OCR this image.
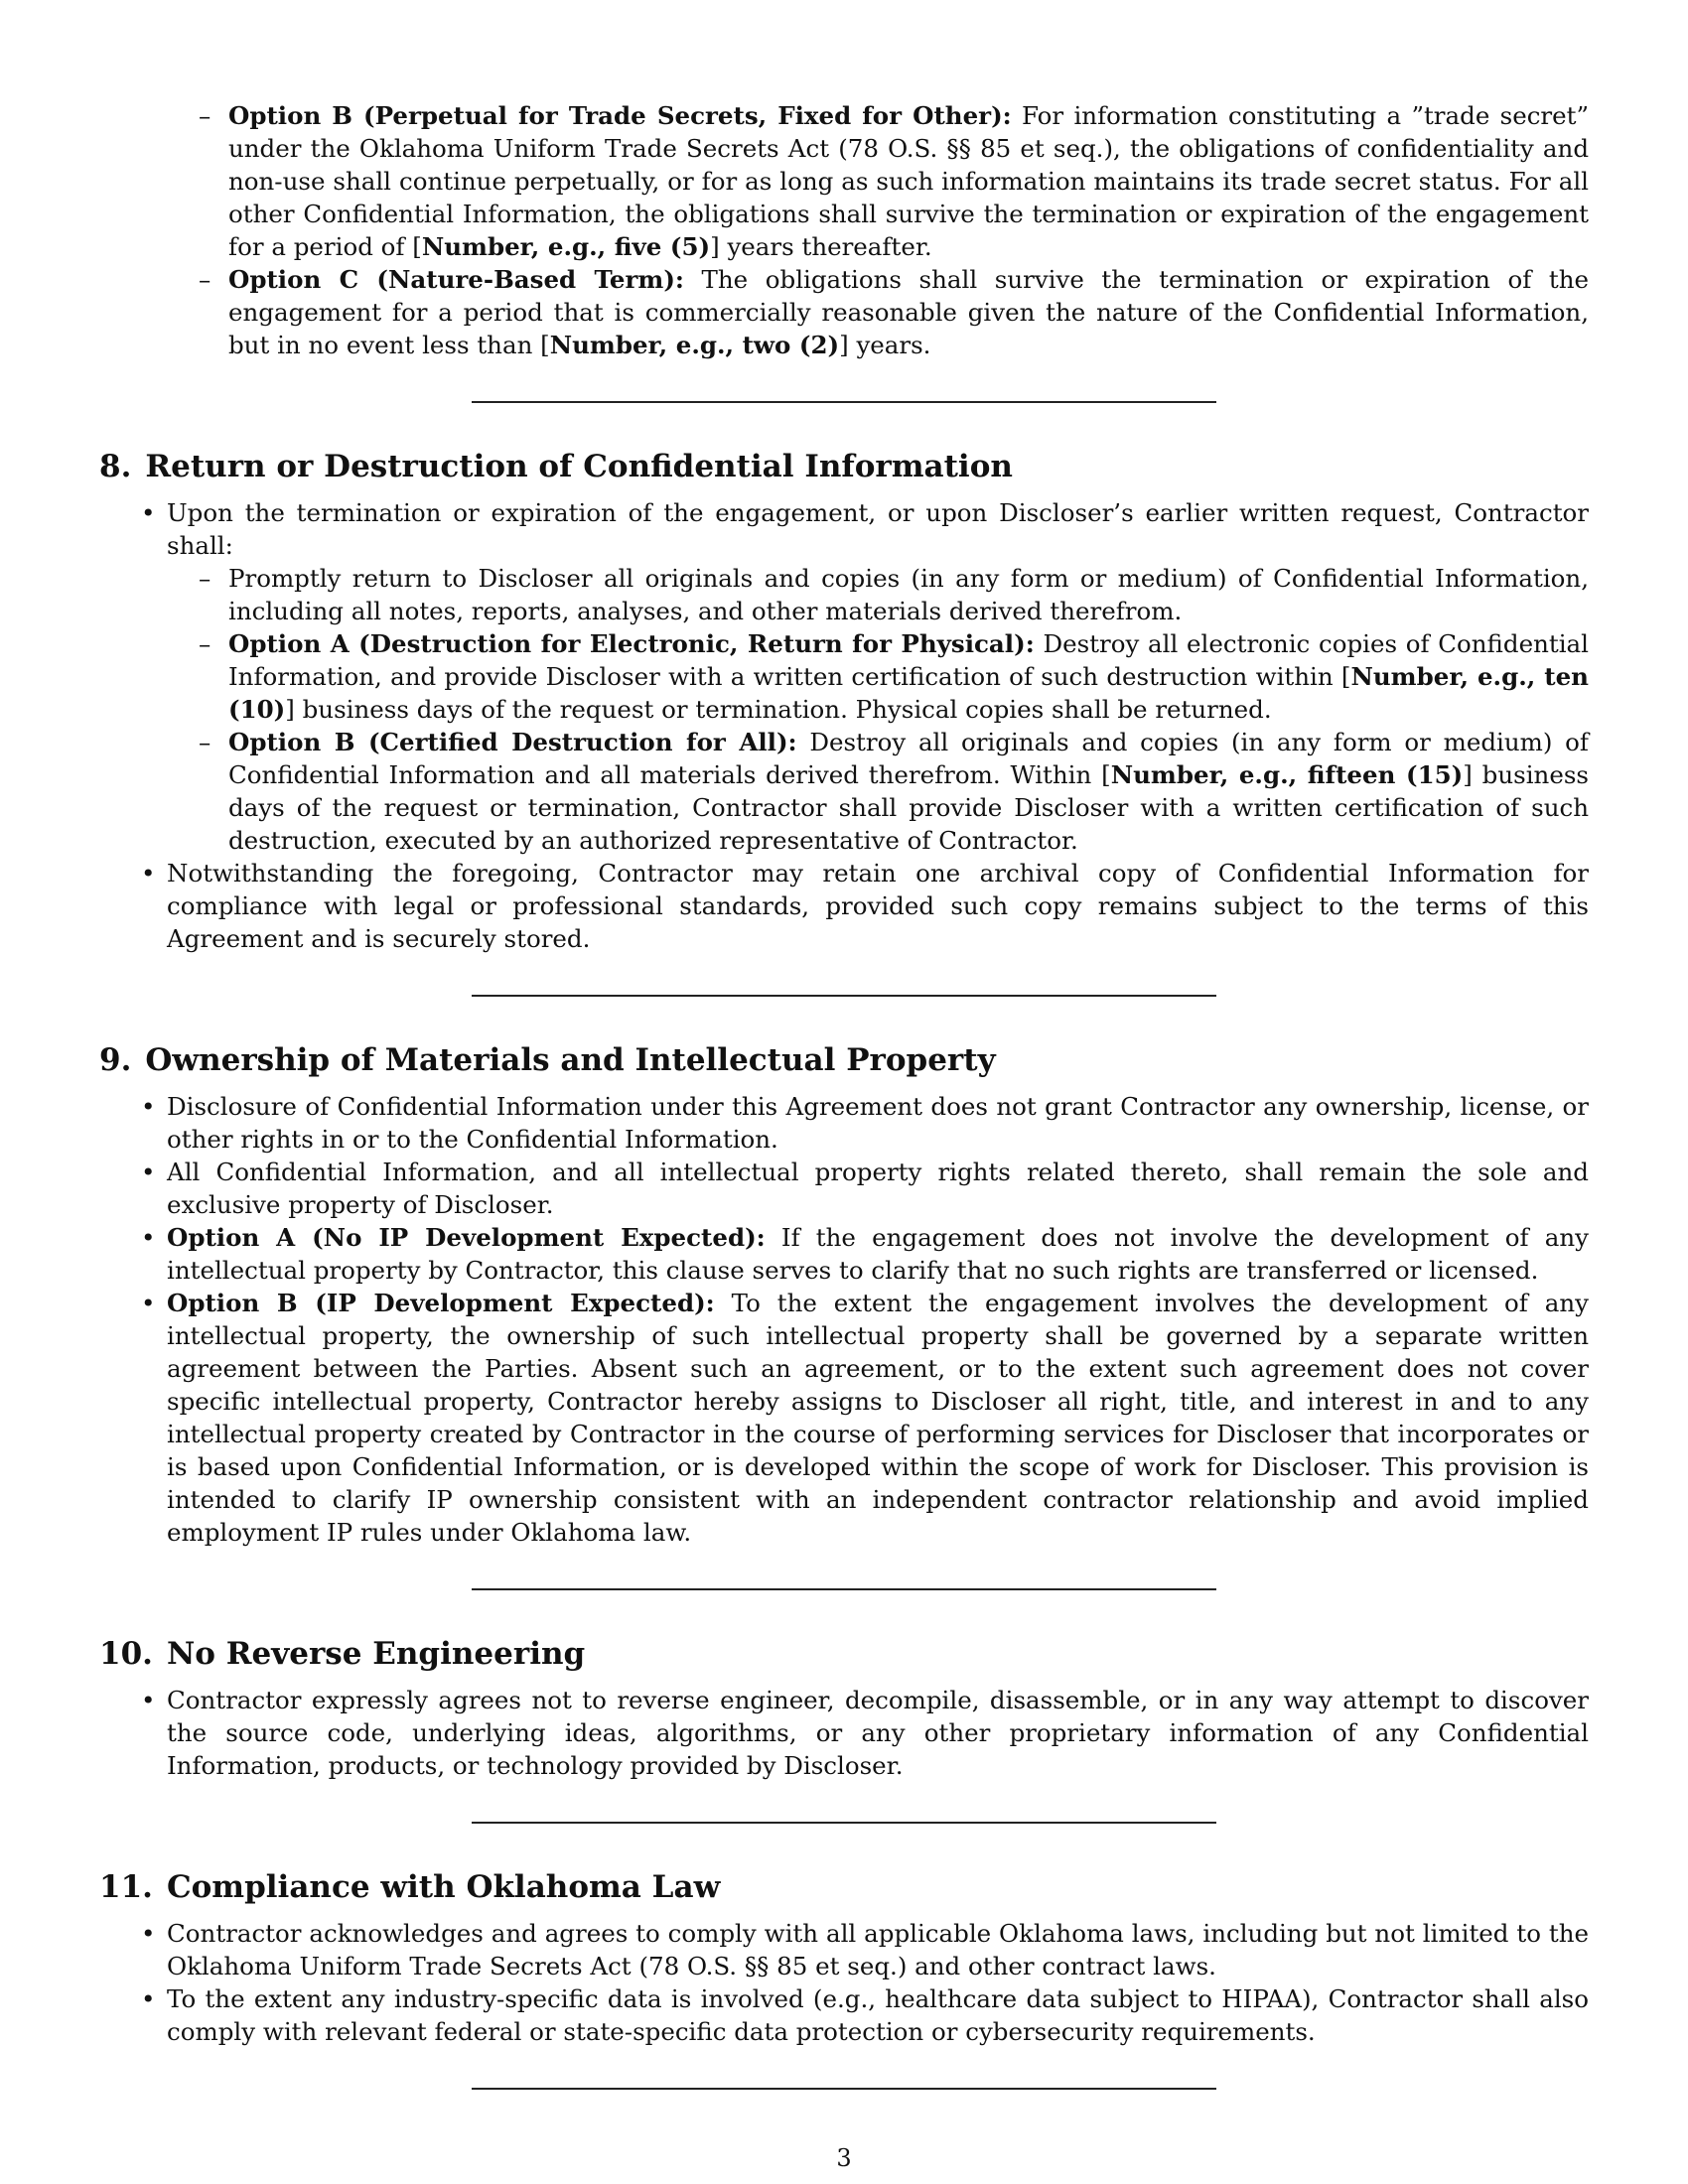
– Option B (Perpetual for Trade Secrets, Fixed for Other): For information constituting a ”trade secret” under the Oklahoma Uniform Trade Secrets Act (78 O.S. §§ 85 et seq.), the obligations of confidentiality and non-use shall continue perpetually, or for as long as such information maintains its trade secret status. For all other Confidential Information, the obligations shall survive the termination or expiration of the engagement for a period of [Number, e.g., five (5)] years thereafter.
– Option C (Nature-Based Term): The obligations shall survive the termination or expiration of the engagement for a period that is commercially reasonable given the nature of the Confidential Information, but in no event less than [Number, e.g., two (2)] years.
8. Return or Destruction of Confidential Information
• Upon the termination or expiration of the engagement, or upon Discloser’s earlier written request, Contractor shall:
– Promptly return to Discloser all originals and copies (in any form or medium) of Confidential Information, including all notes, reports, analyses, and other materials derived therefrom.
– Option A (Destruction for Electronic, Return for Physical): Destroy all electronic copies of Confidential Information, and provide Discloser with a written certification of such destruction within [Number, e.g., ten (10)] business days of the request or termination. Physical copies shall be returned.
– Option B (Certified Destruction for All): Destroy all originals and copies (in any form or medium) of Confidential Information and all materials derived therefrom. Within [Number, e.g., fifteen (15)] business days of the request or termination, Contractor shall provide Discloser with a written certification of such destruction, executed by an authorized representative of Contractor.
• Notwithstanding the foregoing, Contractor may retain one archival copy of Confidential Information for compliance with legal or professional standards, provided such copy remains subject to the terms of this Agreement and is securely stored.
9. Ownership of Materials and Intellectual Property
• Disclosure of Confidential Information under this Agreement does not grant Contractor any ownership, license, or other rights in or to the Confidential Information.
• All Confidential Information, and all intellectual property rights related thereto, shall remain the sole and exclusive property of Discloser.
• Option A (No IP Development Expected): If the engagement does not involve the development of any intellectual property by Contractor, this clause serves to clarify that no such rights are transferred or licensed.
• Option B (IP Development Expected): To the extent the engagement involves the development of any intellectual property, the ownership of such intellectual property shall be governed by a separate written agreement between the Parties. Absent such an agreement, or to the extent such agreement does not cover specific intellectual property, Contractor hereby assigns to Discloser all right, title, and interest in and to any intellectual property created by Contractor in the course of performing services for Discloser that incorporates or is based upon Confidential Information, or is developed within the scope of work for Discloser. This provision is intended to clarify IP ownership consistent with an independent contractor relationship and avoid implied employment IP rules under Oklahoma law.
10. No Reverse Engineering
• Contractor expressly agrees not to reverse engineer, decompile, disassemble, or in any way attempt to discover the source code, underlying ideas, algorithms, or any other proprietary information of any Confidential Information, products, or technology provided by Discloser.
11. Compliance with Oklahoma Law
• Contractor acknowledges and agrees to comply with all applicable Oklahoma laws, including but not limited to the Oklahoma Uniform Trade Secrets Act (78 O.S. §§ 85 et seq.) and other contract laws.
• To the extent any industry-specific data is involved (e.g., healthcare data subject to HIPAA), Contractor shall also comply with relevant federal or state-specific data protection or cybersecurity requirements.
3
